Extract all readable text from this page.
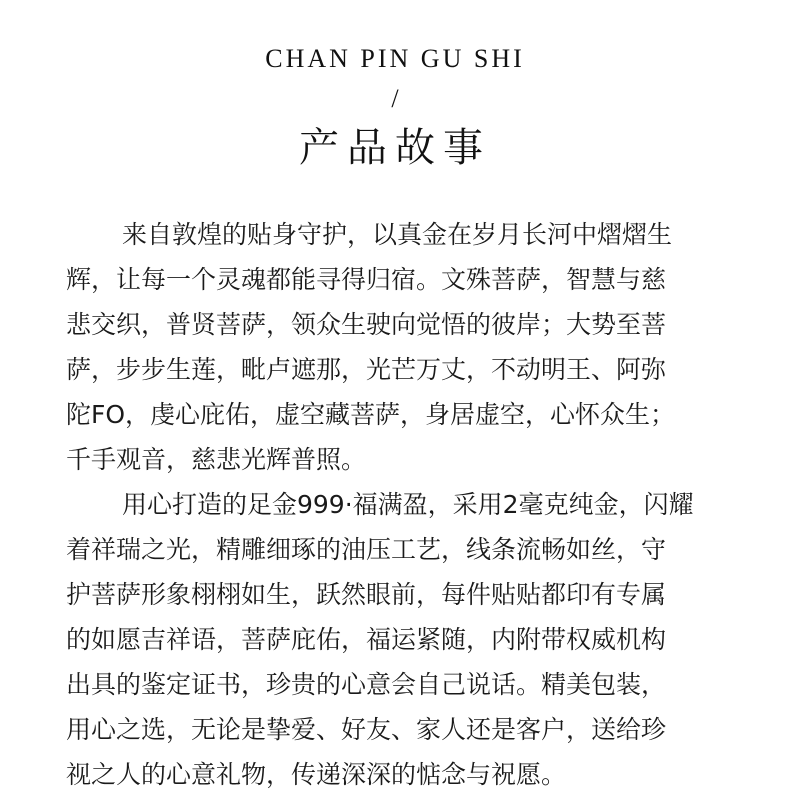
CHAN PIN GU SHI
/
产品故事
来自敦煌的贴身守护，以真金在岁月长河中熠熠生
辉，让每一个灵魂都能寻得归宿。文殊菩萨，智慧与慈
悲交织，普贤菩萨，领众生驶向觉悟的彼岸；大势至菩
萨，步步生莲，毗卢遮那，光芒万丈，不动明王、阿弥
陀FO，虔心庇佑，虚空藏菩萨，身居虚空，心怀众生；
千手观音，慈悲光辉普照。
用心打造的足金999·福满盈，采用2毫克纯金，闪耀
着祥瑞之光，精雕细琢的油压工艺，线条流畅如丝，守
护菩萨形象栩栩如生，跃然眼前，每件贴贴都印有专属
的如愿吉祥语，菩萨庇佑，福运紧随，内附带权威机构
出具的鉴定证书，珍贵的心意会自己说话。精美包装，
用心之选，无论是挚爱、好友、家人还是客户，送给珍
视之人的心意礼物，传递深深的惦念与祝愿。
